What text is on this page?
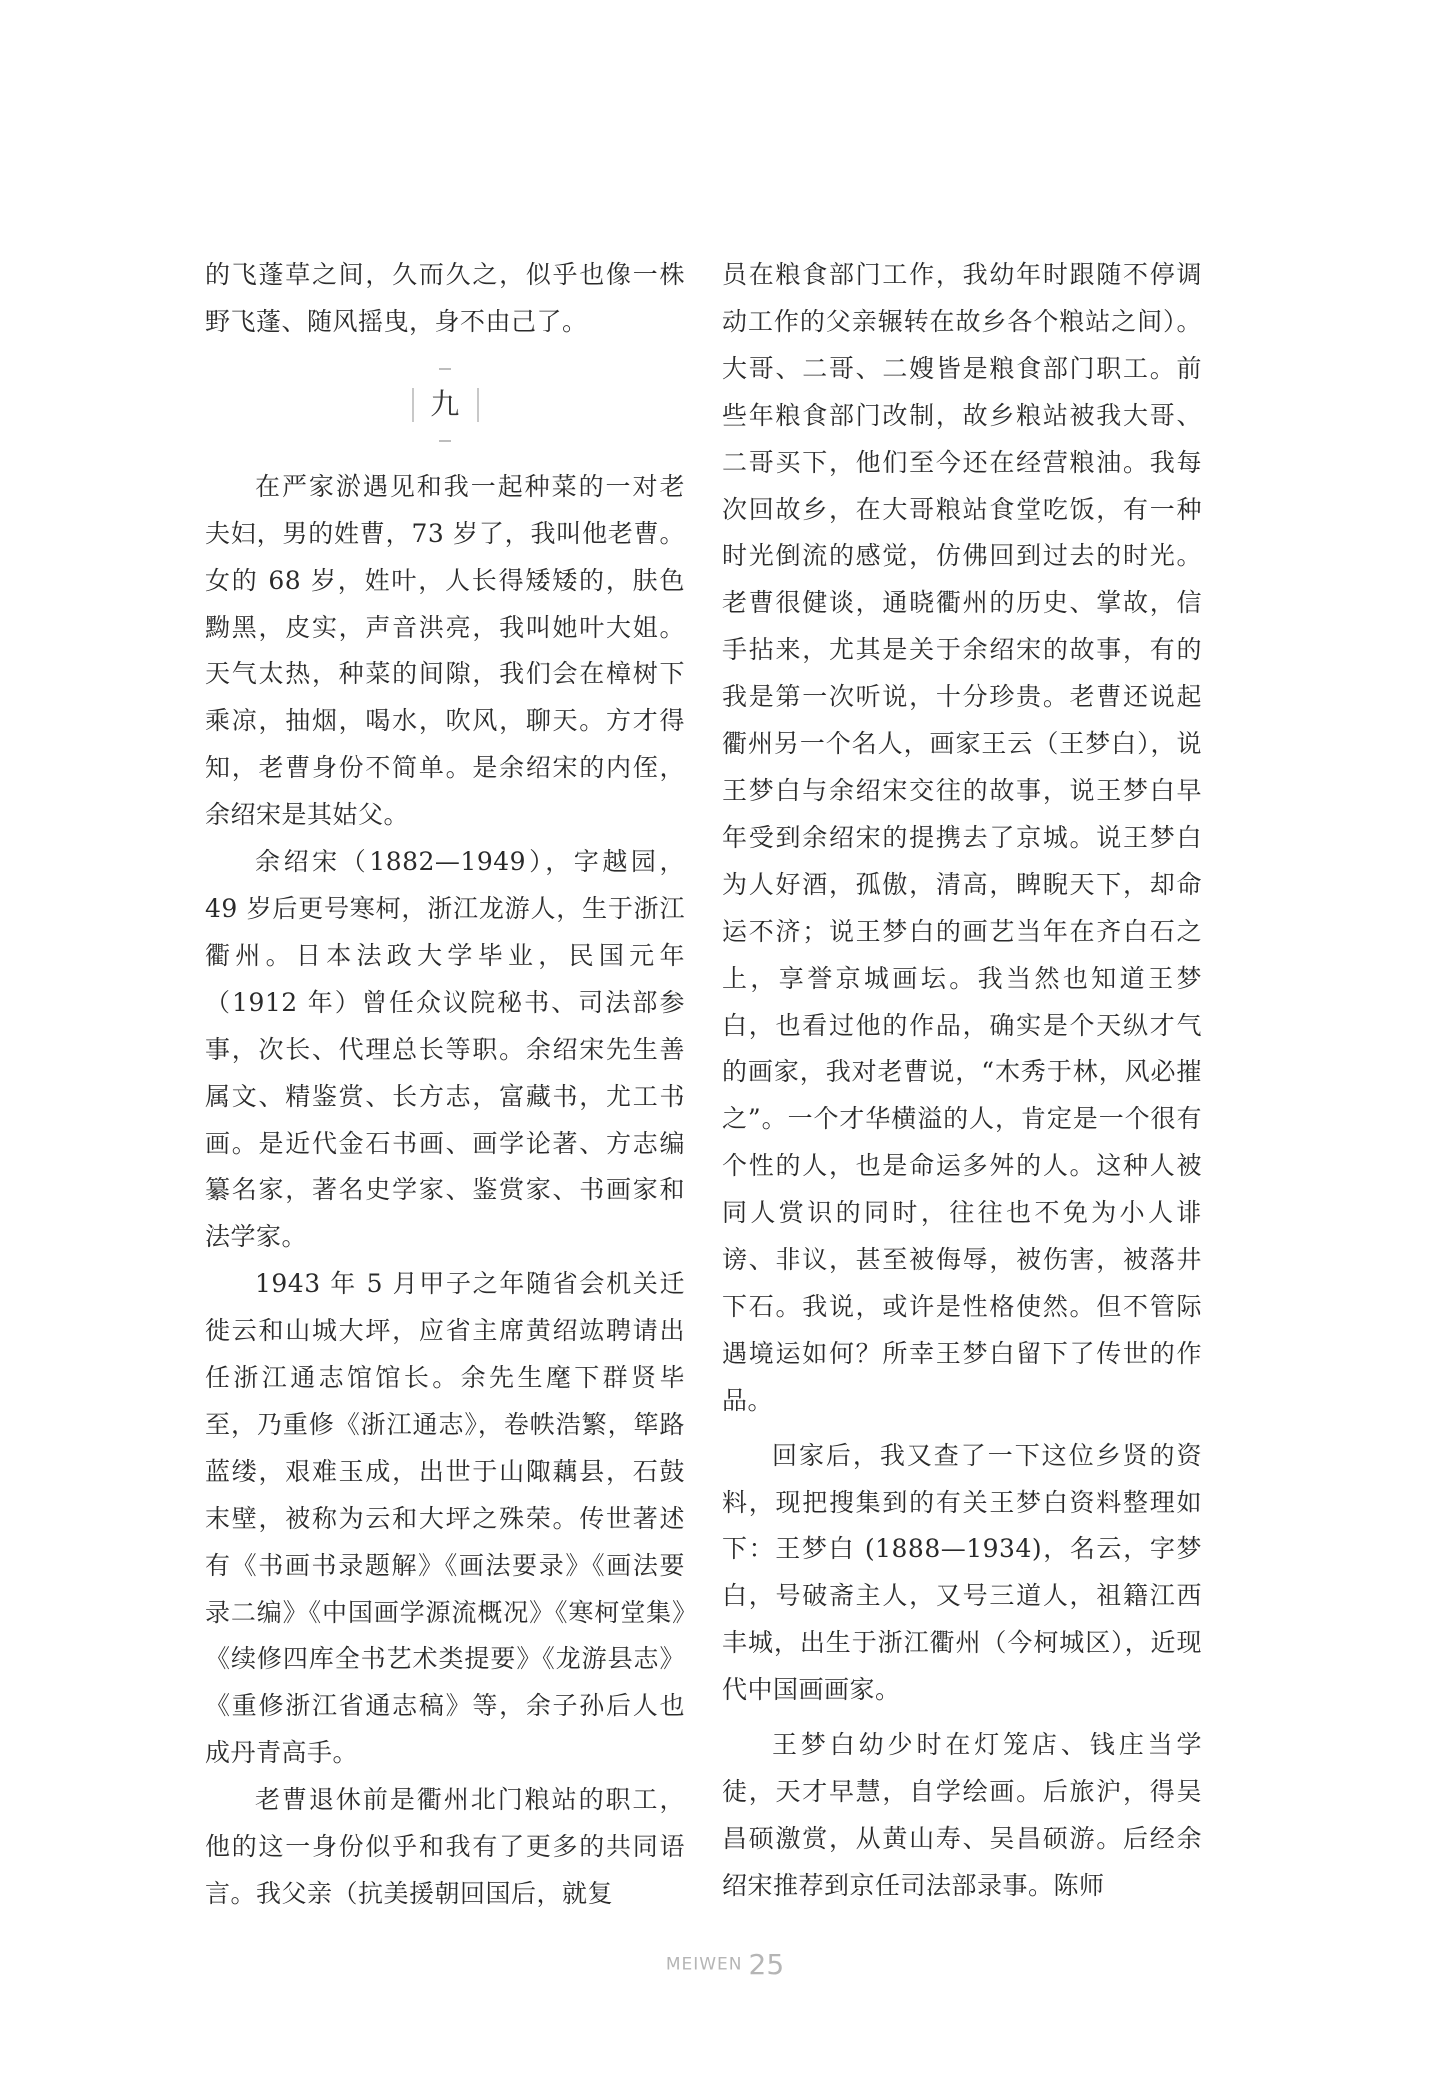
的飞蓬草之间，久而久之，似乎也像一株野飞蓬、随风摇曳，身不由己了。

九

在严家淤遇见和我一起种菜的一对老夫妇，男的姓曹，73 岁了，我叫他老曹。女的 68 岁，姓叶，人长得矮矮的，肤色黝黑，皮实，声音洪亮，我叫她叶大姐。天气太热，种菜的间隙，我们会在樟树下乘凉，抽烟，喝水，吹风，聊天。方才得知，老曹身份不简单。是余绍宋的内侄，余绍宋是其姑父。

余绍宋（1882—1949），字越园，49 岁后更号寒柯，浙江龙游人，生于浙江衢州。日本法政大学毕业，民国元年（1912 年）曾任众议院秘书、司法部参事，次长、代理总长等职。余绍宋先生善属文、精鉴赏、长方志，富藏书，尤工书画。是近代金石书画、画学论著、方志编纂名家，著名史学家、鉴赏家、书画家和法学家。

1943 年 5 月甲子之年随省会机关迁徙云和山城大坪，应省主席黄绍竑聘请出任浙江通志馆馆长。余先生麾下群贤毕至，乃重修《浙江通志》，卷帙浩繁，筚路蓝缕，艰难玉成，出世于山陬藕县，石鼓末壁，被称为云和大坪之殊荣。传世著述有《书画书录题解》《画法要录》《画法要录二编》《中国画学源流概况》《寒柯堂集》《续修四库全书艺术类提要》《龙游县志》《重修浙江省通志稿》等，余子孙后人也成丹青高手。

老曹退休前是衢州北门粮站的职工，他的这一身份似乎和我有了更多的共同语言。我父亲（抗美援朝回国后，就复

员在粮食部门工作，我幼年时跟随不停调动工作的父亲辗转在故乡各个粮站之间）。大哥、二哥、二嫂皆是粮食部门职工。前些年粮食部门改制，故乡粮站被我大哥、二哥买下，他们至今还在经营粮油。我每次回故乡，在大哥粮站食堂吃饭，有一种时光倒流的感觉，仿佛回到过去的时光。老曹很健谈，通晓衢州的历史、掌故，信手拈来，尤其是关于余绍宋的故事，有的我是第一次听说，十分珍贵。老曹还说起衢州另一个名人，画家王云（王梦白），说王梦白与余绍宋交往的故事，说王梦白早年受到余绍宋的提携去了京城。说王梦白为人好酒，孤傲，清高，睥睨天下，却命运不济；说王梦白的画艺当年在齐白石之上，享誉京城画坛。我当然也知道王梦白，也看过他的作品，确实是个天纵才气的画家，我对老曹说，“木秀于林，风必摧之”。一个才华横溢的人，肯定是一个很有个性的人，也是命运多舛的人。这种人被同人赏识的同时，往往也不免为小人诽谤、非议，甚至被侮辱，被伤害，被落井下石。我说，或许是性格使然。但不管际遇境运如何？所幸王梦白留下了传世的作品。

回家后，我又查了一下这位乡贤的资料，现把搜集到的有关王梦白资料整理如下：王梦白 (1888—1934)，名云，字梦白，号破斋主人，又号三道人，祖籍江西丰城，出生于浙江衢州（今柯城区），近现代中国画画家。

王梦白幼少时在灯笼店、钱庄当学徒，天才早慧，自学绘画。后旅沪，得吴昌硕激赏，从黄山寿、吴昌硕游。后经余绍宋推荐到京任司法部录事。陈师

MEIWEN 25
